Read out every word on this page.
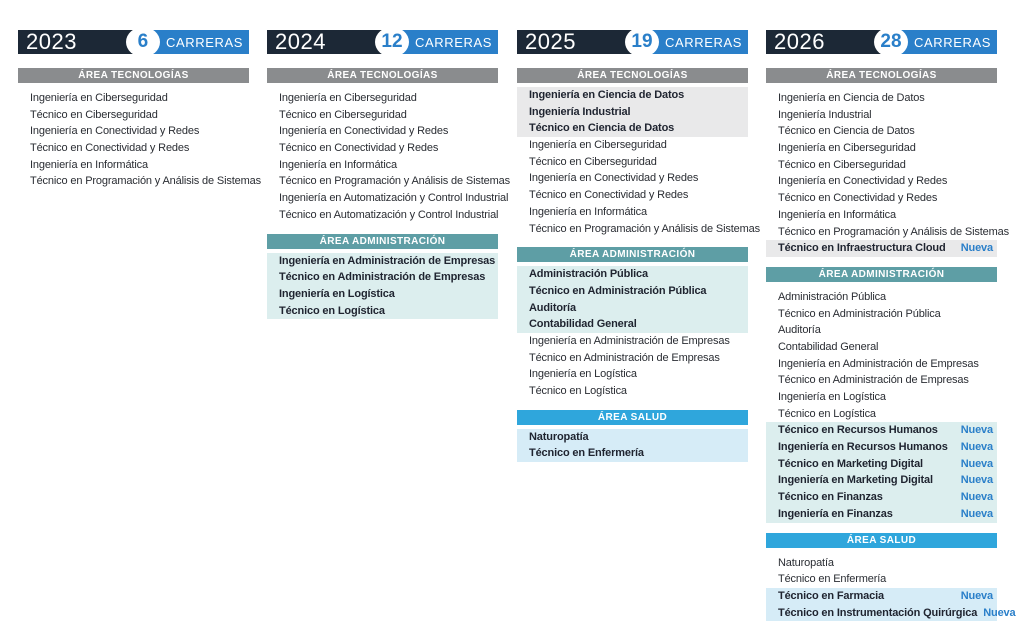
2023	6 CARRERAS
ÁREA TECNOLOGÍAS
Ingeniería en Ciberseguridad
Técnico en Ciberseguridad
Ingeniería en Conectividad y Redes
Técnico en Conectividad y Redes
Ingeniería en Informática
Técnico en Programación y Análisis de Sistemas
2024	12 CARRERAS
ÁREA TECNOLOGÍAS
Ingeniería en Ciberseguridad
Técnico en Ciberseguridad
Ingeniería en Conectividad y Redes
Técnico en Conectividad y Redes
Ingeniería en Informática
Técnico en Programación y Análisis de Sistemas
Ingeniería en Automatización y Control Industrial
Técnico en Automatización y Control Industrial
ÁREA ADMINISTRACIÓN
Ingeniería en Administración de Empresas
Técnico en Administración de Empresas
Ingeniería en Logística
Técnico en Logística
2025	19 CARRERAS
ÁREA TECNOLOGÍAS
Ingeniería en Ciencia de Datos
Ingeniería Industrial
Técnico en Ciencia de Datos
Ingeniería en Ciberseguridad
Técnico en Ciberseguridad
Ingeniería en Conectividad y Redes
Técnico en Conectividad y Redes
Ingeniería en Informática
Técnico en Programación y Análisis de Sistemas
ÁREA ADMINISTRACIÓN
Administración Pública
Técnico en Administración Pública
Auditoría
Contabilidad General
Ingeniería en Administración de Empresas
Técnico en Administración de Empresas
Ingeniería en Logística
Técnico en Logística
ÁREA SALUD
Naturopatía
Técnico en Enfermería
2026	28 CARRERAS
ÁREA TECNOLOGÍAS
Ingeniería en Ciencia de Datos
Ingeniería Industrial
Técnico en Ciencia de Datos
Ingeniería en Ciberseguridad
Técnico en Ciberseguridad
Ingeniería en Conectividad y Redes
Técnico en Conectividad y Redes
Ingeniería en Informática
Técnico en Programación y Análisis de Sistemas
Técnico en Infraestructura Cloud Nueva
ÁREA ADMINISTRACIÓN
Administración Pública
Técnico en Administración Pública
Auditoría
Contabilidad General
Ingeniería en Administración de Empresas
Técnico en Administración de Empresas
Ingeniería en Logística
Técnico en Logística
Técnico en Recursos Humanos Nueva
Ingeniería en Recursos Humanos Nueva
Técnico en Marketing Digital	Nueva
Ingeniería en Marketing Digital	Nueva
Técnico en Finanzas	Nueva
Ingeniería en Finanzas	Nueva
ÁREA SALUD
Naturopatía
Técnico en Enfermería
Técnico en Farmacia	Nueva
Técnico en Instrumentación Quirúrgica Nueva
